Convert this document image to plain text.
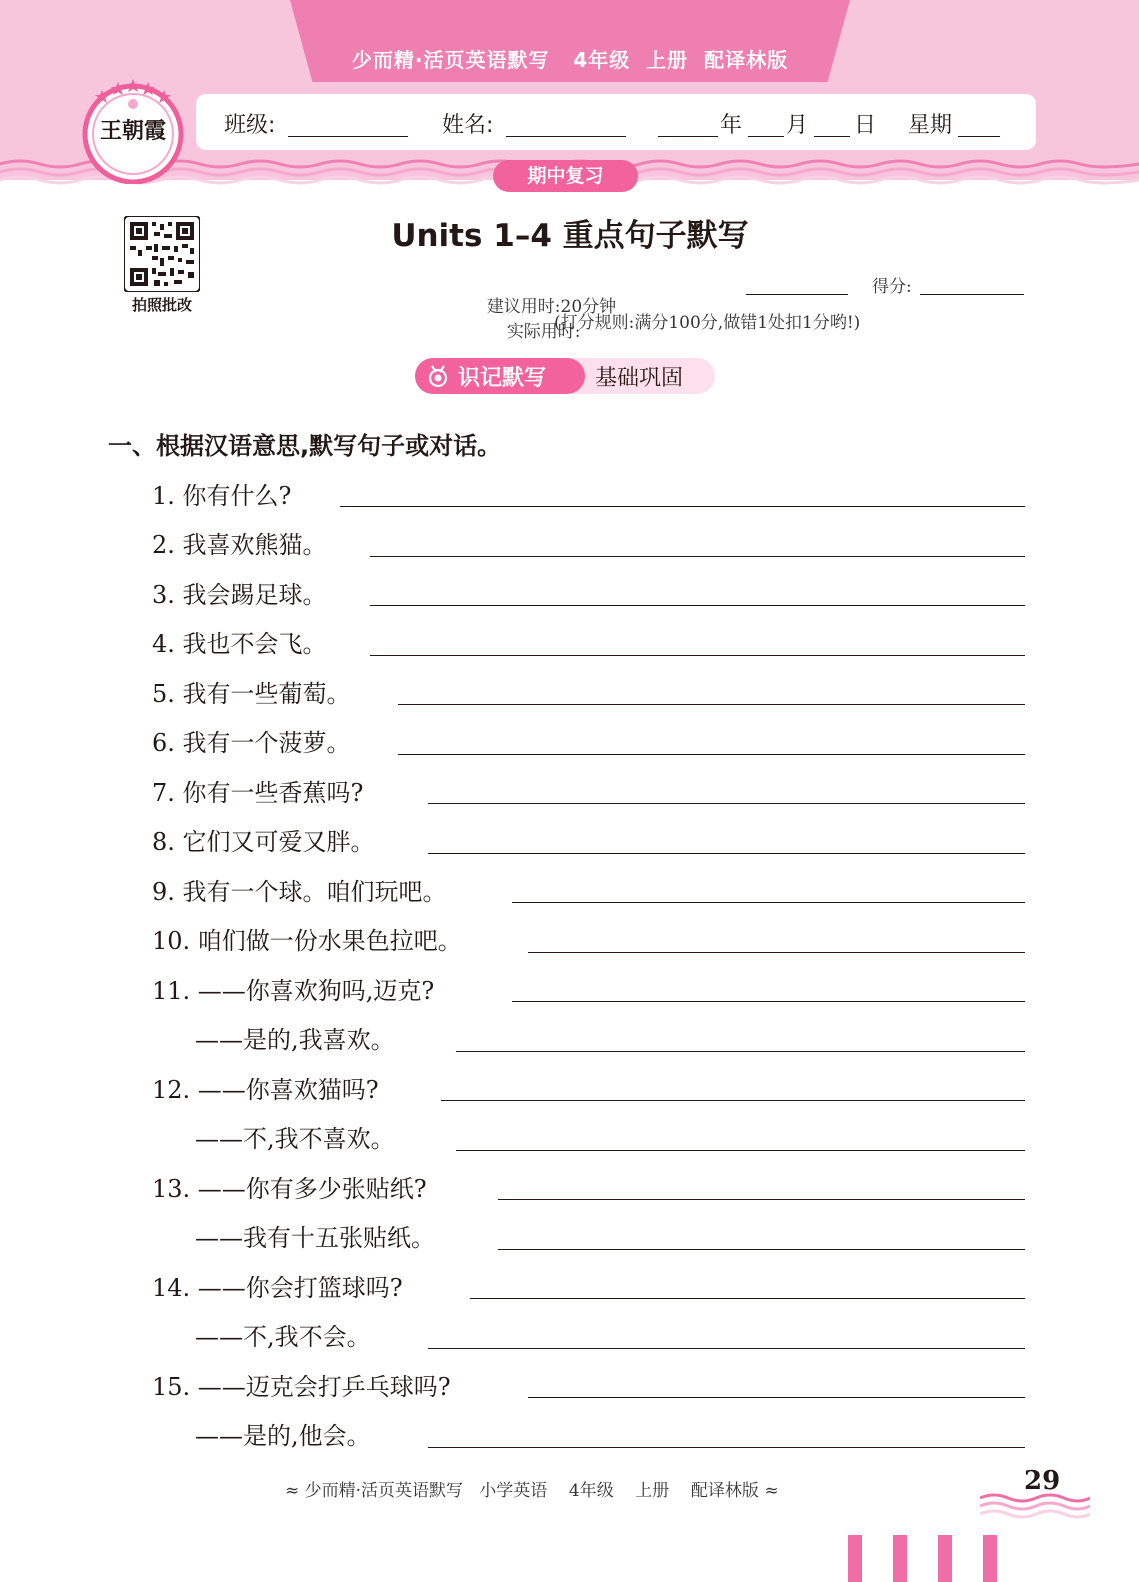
少而精·活页英语默写   4年级  上册  配译林版
王朝霞	班级:	姓名:	年 月 日 星期
期中复习
拍照批改
Units 1–4 重点句子默写

建议用时:20分钟
实际用时:

得分:
(打分规则:满分100分,做错1处扣1分哟!)
识记默写 基础巩固
一、根据汉语意思,默写句子或对话。
1. 你有什么?
2. 我喜欢熊猫。
3. 我会踢足球。
4. 我也不会飞。
5. 我有一些葡萄。
6. 我有一个菠萝。
7. 你有一些香蕉吗?
8. 它们又可爱又胖。
9. 我有一个球。咱们玩吧。
10. 咱们做一份水果色拉吧。
11. ——你喜欢狗吗,迈克?
——是的,我喜欢。
12. ——你喜欢猫吗?
——不,我不喜欢。
13. ——你有多少张贴纸?
——我有十五张贴纸。
14. ——你会打篮球吗?
——不,我不会。
15. ——迈克会打乒乓球吗?
——是的,他会。
≈ 少而精·活页英语默写   小学英语    4年级    上册    配译林版 ≈	29
